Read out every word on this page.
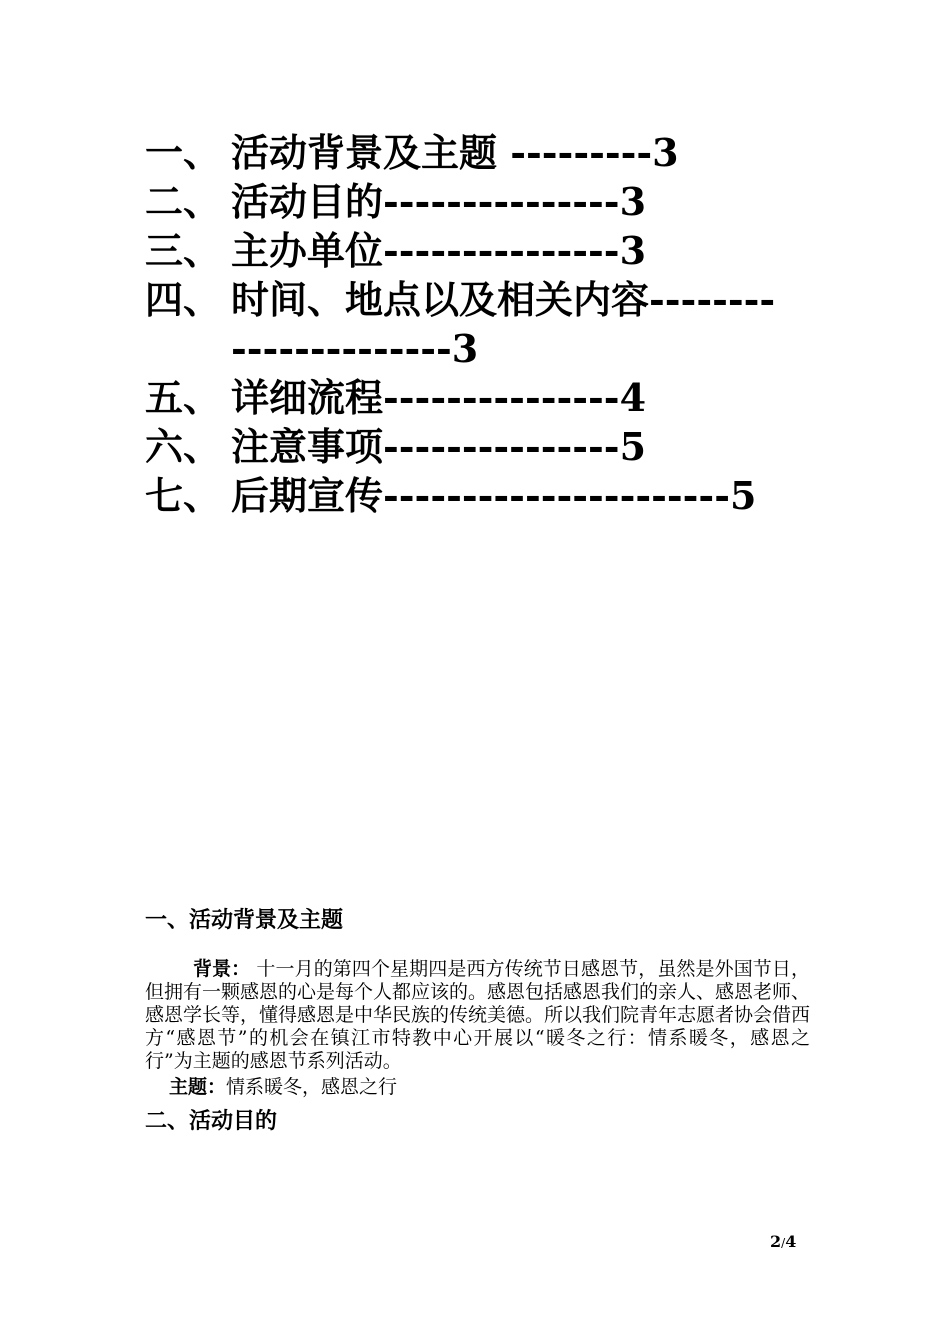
一、 活动背景及主题 ---------3
二、 活动目的---------------3
三、 主办单位---------------3
四、 时间、地点以及相关内容----------------------3
五、 详细流程---------------4
六、 注意事项---------------5
七、 后期宣传----------------------5
一、活动背景及主题
背景： 十一月的第四个星期四是西方传统节日感恩节，虽然是外国节日，但拥有一颗感恩的心是每个人都应该的。感恩包括感恩我们的亲人、感恩老师、感恩学长等，懂得感恩是中华民族的传统美德。所以我们院青年志愿者协会借西方“感恩节”的机会在镇江市特教中心开展以“暖冬之行：情系暖冬，感恩之行”为主题的感恩节系列活动。
主题：情系暖冬，感恩之行
二、活动目的
2/4
